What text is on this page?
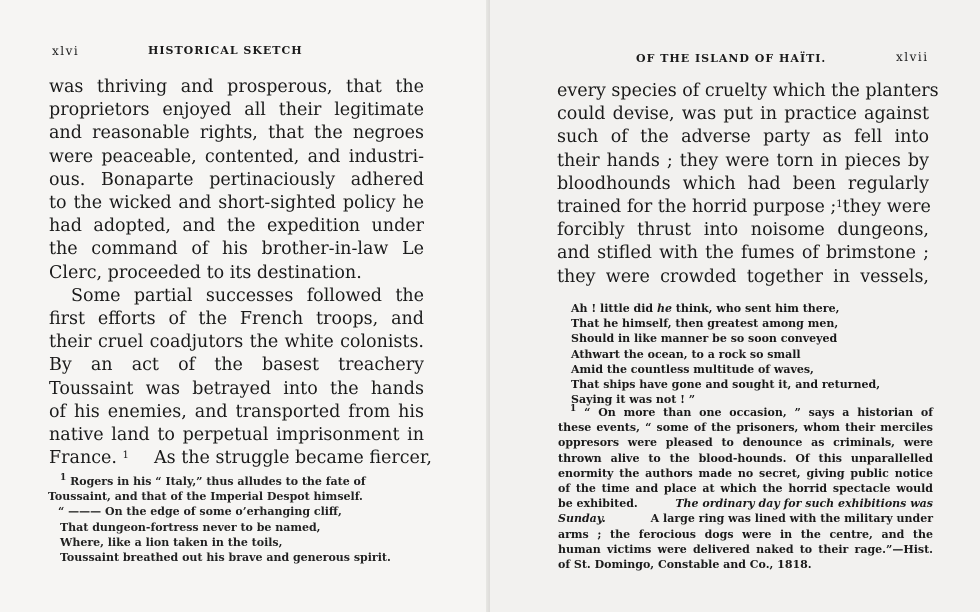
xlvi	HISTORICAL SKETCH
was thriving and prosperous, that the
proprietors enjoyed all their legitimate
and reasonable rights, that the negroes
were peaceable, contented, and industri-
ous. Bonaparte pertinaciously adhered
to the wicked and short-sighted policy he
had adopted, and the expedition under
the command of his brother-in-law Le
Clerc, proceeded to its destination.
Some partial successes followed the
first efforts of the French troops, and
their cruel coadjutors the white colonists.
By an act of the basest treachery
Toussaint was betrayed into the hands
of his enemies, and transported from his
native land to perpetual imprisonment in
France. $^1$ As the struggle became fiercer,
$^1$ Rogers in his “ Italy,” thus alludes to the fate of
Toussaint, and that of the Imperial Despot himself.
“ ——— On the edge of some o’erhanging cliff,
That dungeon-fortress never to be named,
Where, like a lion taken in the toils,
Toussaint breathed out his brave and generous spirit.
OF THE ISLAND OF HAÏTI.	xlvii
every species of cruelty which the planters
could devise, was put in practice against
such of the adverse party as fell into
their hands ; they were torn in pieces by
bloodhounds which had been regularly
trained for the horrid purpose ;$^1$ they were
forcibly thrust into noisome dungeons,
and stifled with the fumes of brimstone ;
they were crowded together in vessels,
Ah ! little did he think, who sent him there,
That he himself, then greatest among men,
Should in like manner be so soon conveyed
Athwart the ocean, to a rock so small
Amid the countless multitude of waves,
That ships have gone and sought it, and returned,
Saying it was not ! ”
$^1$ “ On more than one occasion, ” says a historian of
these events, “ some of the prisoners, whom their merciles
oppresors were pleased to denounce as criminals, were
thrown alive to the blood-hounds. Of this unparallelled
enormity the authors made no secret, giving public notice
of the time and place at which the horrid spectacle would
be exhibited.	The ordinary day for such exhibitions was
Sunday.	A large ring was lined with the military under
arms ; the ferocious dogs were in the centre, and the
human victims were delivered naked to their rage.”—Hist.
of St. Domingo, Constable and Co., 1818.
